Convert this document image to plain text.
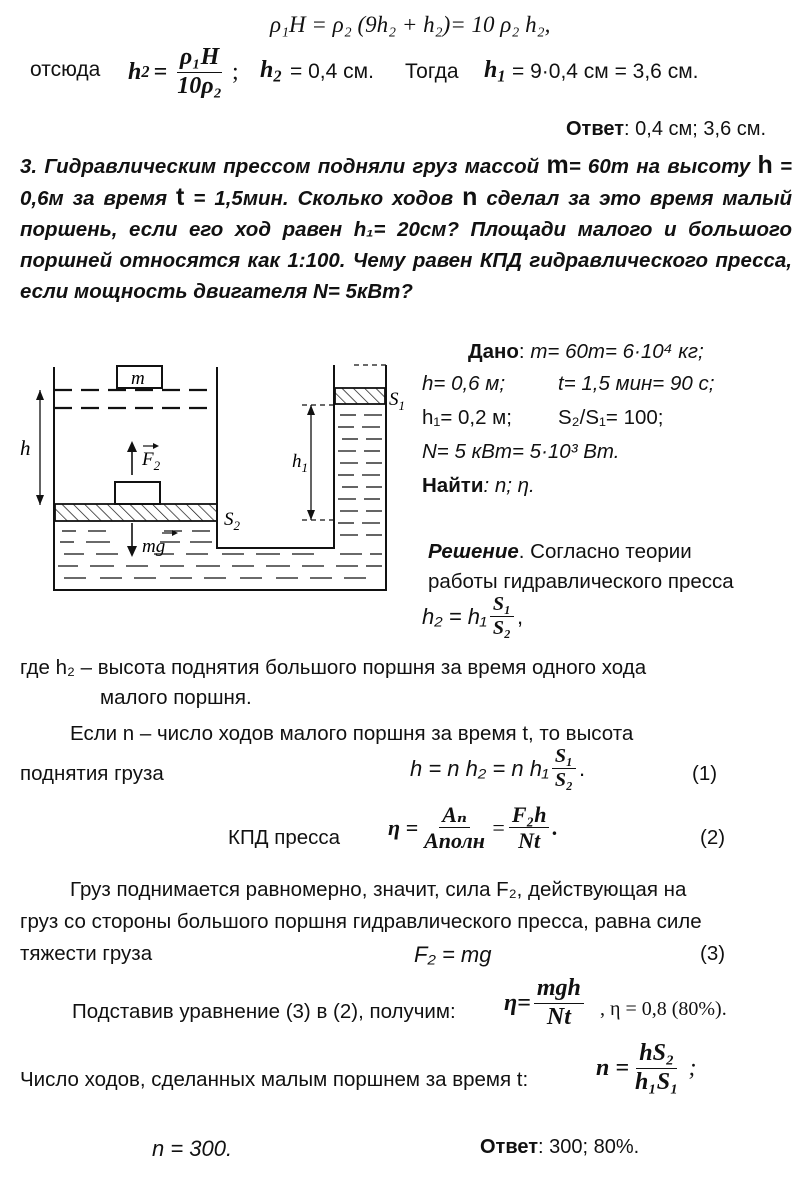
ρ₁H = ρ₂ (9h₂ + h₂)= 10 ρ₂ h₂,
отсюда h $2 = \frac{\text{ρ₁H}}{\text{10ρ₂}}$ ; $h_2 = 0,4$ см. Тогда $h_1 = 9\cdot 0,4$ см = 3,6 см.
Ответ: 0,4 см; 3,6 см.
3. Гидравлическим прессом подняли груз массой m= 60т на высоту h = 0,6м за время t = 1,5мин. Сколько ходов n сделал за это время малый поршень, если его ход равен h₁= 20см? Площади малого и большого поршней относятся как 1:100. Чему равен КПД гидравлического пресса, если мощность двигателя N= 5кВт?
m
h	$F_2$
mg
$S_2$
$S_1$
$h_1$
Дано: m= 60т= 6·10⁴ кг;
h= 0,6 м;	t= 1,5 мин= 90 с;
h₁= 0,2 м; S₂/S₁= 100;
N= 5 кВт= 5·10³ Вт.
Найти: n; η.
Решение. Согласно теории
работы гидравлического пресса
$h_2 = h_1 \frac{\text{S₁}}{\text{S₂}}$ ,
где h₂ – высота поднятия большого поршня за время одного хода
малого поршня.
Если n – число ходов малого поршня за время t, то высота
поднятия груза	h = n h₂ = n $h_1 \frac{\text{S₁}}{\text{S₂}}$ .	(1)
КПД пресса $\eta = \frac{\text{Aₙ}}{\text{Aполн}} = \frac{\text{F₂h}}{Nt}$ .	(2)
Груз поднимается равномерно, значит, сила F₂, действующая на
груз со стороны большого поршня гидравлического пресса, равна силе
тяжести груза	F₂ = mg	(3)
Подставив уравнение (3) в (2), получим: $\eta= \frac{\text{mgh}}{Nt}$ , η = 0,8 (80%).
Число ходов, сделанных малым поршнем за время t:	$n = \frac{\text{hS₂}}{\text{h₁S₁}}$ ;
n = 300.	Ответ: 300; 80%.
